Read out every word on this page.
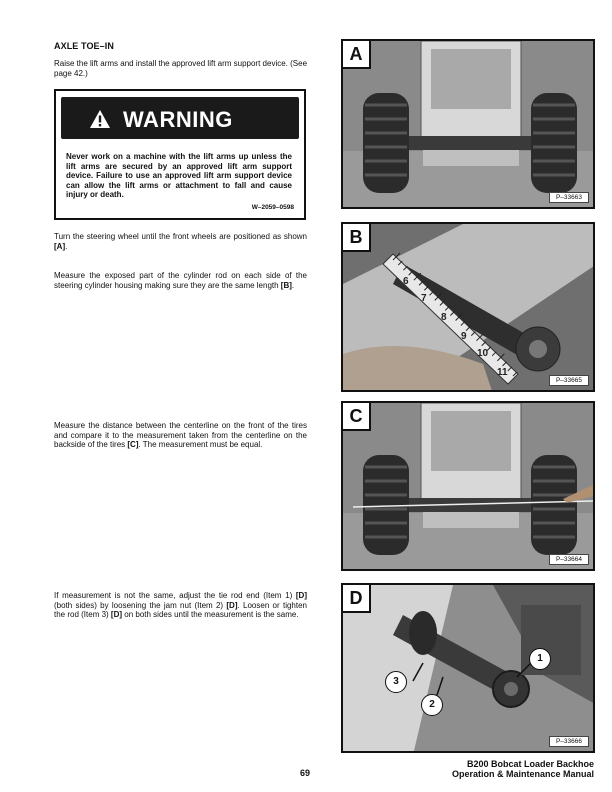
AXLE TOE–IN
Raise the lift arms and install the approved lift arm support device. (See page 42.)
WARNING
Never work on a machine with the lift arms up unless the lift arms are secured by an approved lift arm support device. Failure to use an approved lift arm support device can allow the lift arms or attachment to fall and cause injury or death.
W–2059–0598
Turn the steering wheel until the front wheels are positioned as shown [A].
Measure the exposed part of the cylinder rod on each side of the steering cylinder housing making sure they are the same length [B].
Measure the distance between the centerline on the front of the tires and compare it to the measurement taken from the centerline on the backside of the tires [C]. The measurement must be equal.
If measurement is not the same, adjust the tie rod end (Item 1) [D] (both sides) by loosening the jam nut (Item 2) [D]. Loosen or tighten the rod (Item 3) [D] on both sides until the measurement is the same.
A
P–33663
6
7
8
9
10
11
B
P–33665
C
P–33664
1
2
3
D
P–33666
69
B200 Bobcat Loader Backhoe
Operation & Maintenance Manual
